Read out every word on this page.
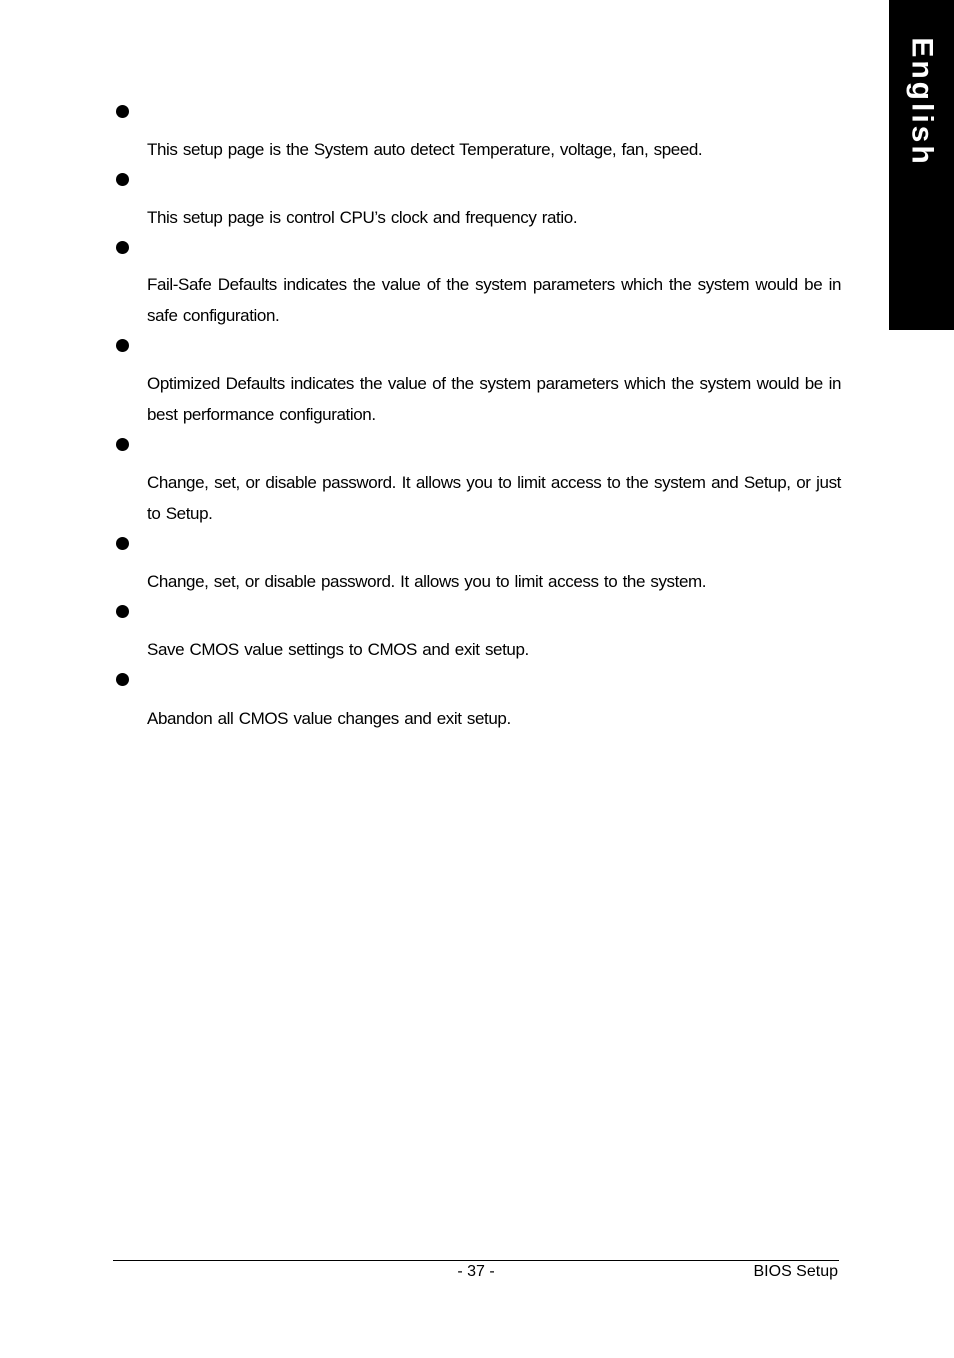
English

This setup page is the System auto detect Temperature, voltage, fan, speed.

This setup page is control CPU’s clock and frequency ratio.

Fail-Safe Defaults indicates the value of the system parameters which the system would be in safe configuration.

Optimized Defaults indicates the value of the system parameters which the system would be in best performance configuration.

Change, set, or disable password. It allows you to limit access to the system and Setup, or just to Setup.

Change, set, or disable password. It allows you to limit access to the system.

Save CMOS value settings to CMOS and exit setup.

Abandon all CMOS value changes and exit setup.

- 37 -	BIOS Setup
